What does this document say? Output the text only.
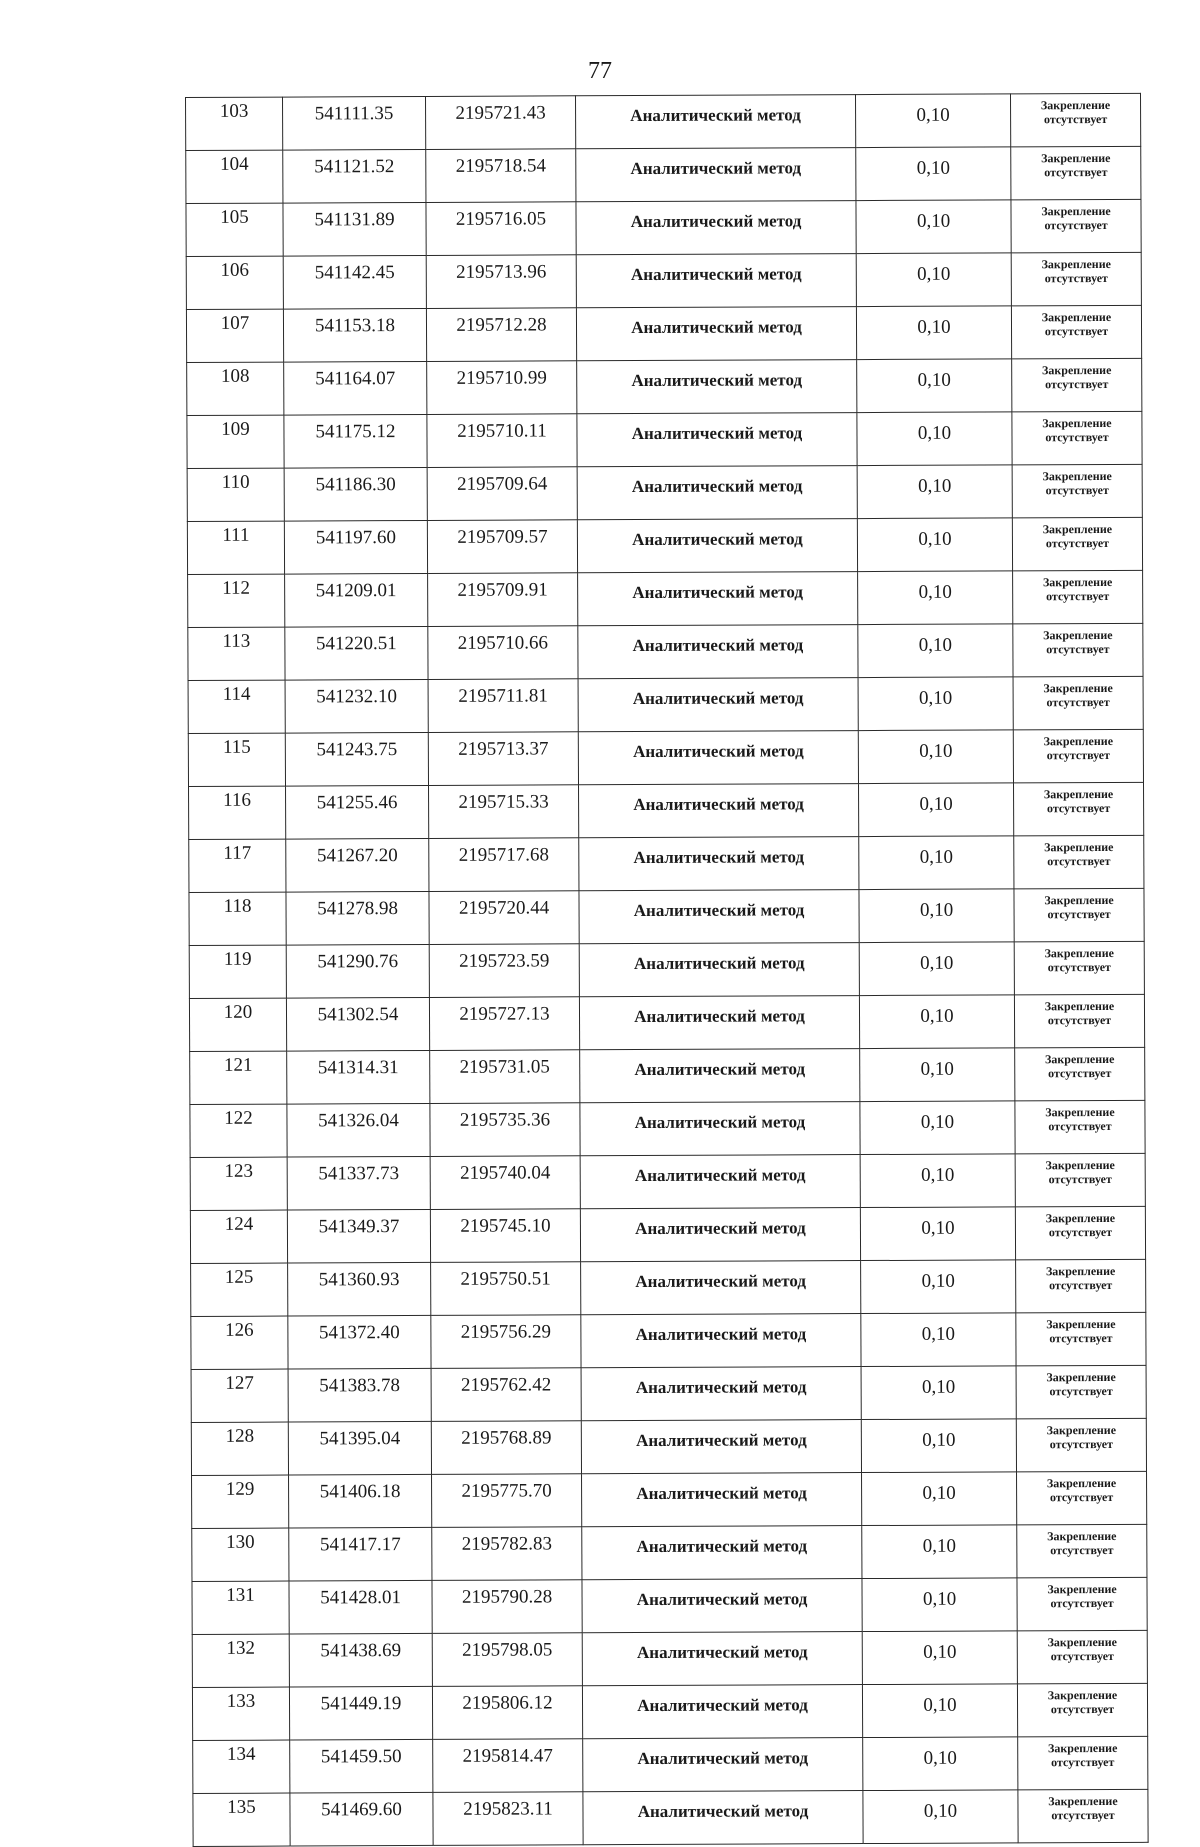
77
103	541111.35	2195721.43	Аналитический метод	0,10	Закрепление отсутствует
104	541121.52	2195718.54	Аналитический метод	0,10	Закрепление отсутствует
105	541131.89	2195716.05	Аналитический метод	0,10	Закрепление отсутствует
106	541142.45	2195713.96	Аналитический метод	0,10	Закрепление отсутствует
107	541153.18	2195712.28	Аналитический метод	0,10	Закрепление отсутствует
108	541164.07	2195710.99	Аналитический метод	0,10	Закрепление отсутствует
109	541175.12	2195710.11	Аналитический метод	0,10	Закрепление отсутствует
110	541186.30	2195709.64	Аналитический метод	0,10	Закрепление отсутствует
111	541197.60	2195709.57	Аналитический метод	0,10	Закрепление отсутствует
112	541209.01	2195709.91	Аналитический метод	0,10	Закрепление отсутствует
113	541220.51	2195710.66	Аналитический метод	0,10	Закрепление отсутствует
114	541232.10	2195711.81	Аналитический метод	0,10	Закрепление отсутствует
115	541243.75	2195713.37	Аналитический метод	0,10	Закрепление отсутствует
116	541255.46	2195715.33	Аналитический метод	0,10	Закрепление отсутствует
117	541267.20	2195717.68	Аналитический метод	0,10	Закрепление отсутствует
118	541278.98	2195720.44	Аналитический метод	0,10	Закрепление отсутствует
119	541290.76	2195723.59	Аналитический метод	0,10	Закрепление отсутствует
120	541302.54	2195727.13	Аналитический метод	0,10	Закрепление отсутствует
121	541314.31	2195731.05	Аналитический метод	0,10	Закрепление отсутствует
122	541326.04	2195735.36	Аналитический метод	0,10	Закрепление отсутствует
123	541337.73	2195740.04	Аналитический метод	0,10	Закрепление отсутствует
124	541349.37	2195745.10	Аналитический метод	0,10	Закрепление отсутствует
125	541360.93	2195750.51	Аналитический метод	0,10	Закрепление отсутствует
126	541372.40	2195756.29	Аналитический метод	0,10	Закрепление отсутствует
127	541383.78	2195762.42	Аналитический метод	0,10	Закрепление отсутствует
128	541395.04	2195768.89	Аналитический метод	0,10	Закрепление отсутствует
129	541406.18	2195775.70	Аналитический метод	0,10	Закрепление отсутствует
130	541417.17	2195782.83	Аналитический метод	0,10	Закрепление отсутствует
131	541428.01	2195790.28	Аналитический метод	0,10	Закрепление отсутствует
132	541438.69	2195798.05	Аналитический метод	0,10	Закрепление отсутствует
133	541449.19	2195806.12	Аналитический метод	0,10	Закрепление отсутствует
134	541459.50	2195814.47	Аналитический метод	0,10	Закрепление отсутствует
135	541469.60	2195823.11	Аналитический метод	0,10	Закрепление отсутствует
